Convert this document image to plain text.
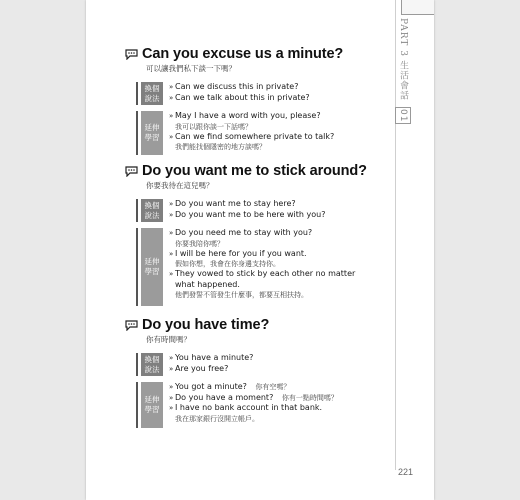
PART 3 生活會話 01
Can you excuse us a minute?
可以讓我們私下談一下嗎？
換個說法
» Can we discuss this in private?
» Can we talk about this in private?
延伸學習
» May I have a word with you, please?
我可以跟你談一下話嗎？
» Can we find somewhere private to talk?
我們能找個隱密的地方談嗎？
Do you want me to stick around?
你要我待在這兒嗎？
換個說法
» Do you want me to stay here?
» Do you want me to be here with you?
延伸學習
» Do you need me to stay with you?
你要我陪你嗎？
» I will be here for you if you want.
假如你想，我會在你身邊支持你。
» They vowed to stick by each other no matter what happened.
他們發誓不管發生什麼事，都要互相扶持。
Do you have time?
你有時間嗎？
換個說法
» You have a minute?
» Are you free?
延伸學習
» You got a minute? 你有空嗎？
» Do you have a moment? 你有一點時間嗎？
» I have no bank account in that bank.
我在那家銀行沒開立帳戶。
221
